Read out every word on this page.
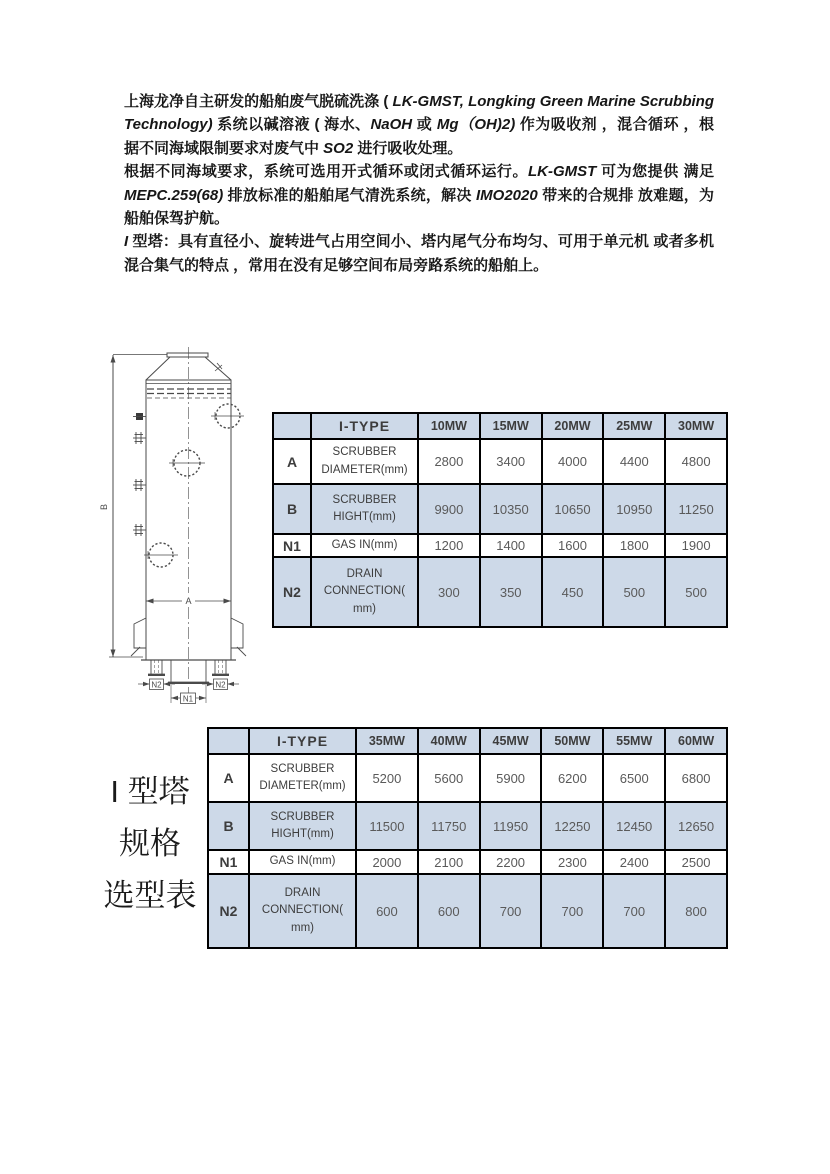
上海龙净自主研发的船舶废气脱硫洗涤 ( LK-GMST, Longking Green Marine Scrubbing Technology) 系统以碱溶液 ( 海水、NaOH 或 Mg（OH)2) 作为吸收剂 ，混合循环 ，根据不同海域限制要求对废气中 SO2 进行吸收处理。

根据不同海域要求，系统可选用开式循环或闭式循环运行。LK-GMST 可为您提供 满足 MEPC.259(68) 排放标准的船舶尾气清洗系统，解决 IMO2020 带来的合规排 放难题，为船舶保驾护航。

I 型塔：具有直径小、旋转进气占用空间小、塔内尾气分布均匀、可用于单元机 或者多机混合集气的特点 ，常用在没有足够空间布局旁路系统的船舶上。

A
N2
N1
N2
B
I 型塔
规格
选型表
	I-TYPE	10MW	15MW	20MW	25MW	30MW
A	SCRUBBER DIAMETER(mm)	2800	3400	4000	4400	4800
B	SCRUBBER HIGHT(mm)	9900	10350	10650	10950	11250
N1	GAS IN(mm)	1200	1400	1600	1800	1900
N2	DRAIN CONNECTION( mm)	300	350	450	500	500
	I-TYPE	35MW	40MW	45MW	50MW	55MW	60MW
A	SCRUBBER DIAMETER(mm)	5200	5600	5900	6200	6500	6800
B	SCRUBBER HIGHT(mm)	11500	11750	11950	12250	12450	12650
N1	GAS IN(mm)	2000	2100	2200	2300	2400	2500
N2	DRAIN CONNECTION( mm)	600	600	700	700	700	800
